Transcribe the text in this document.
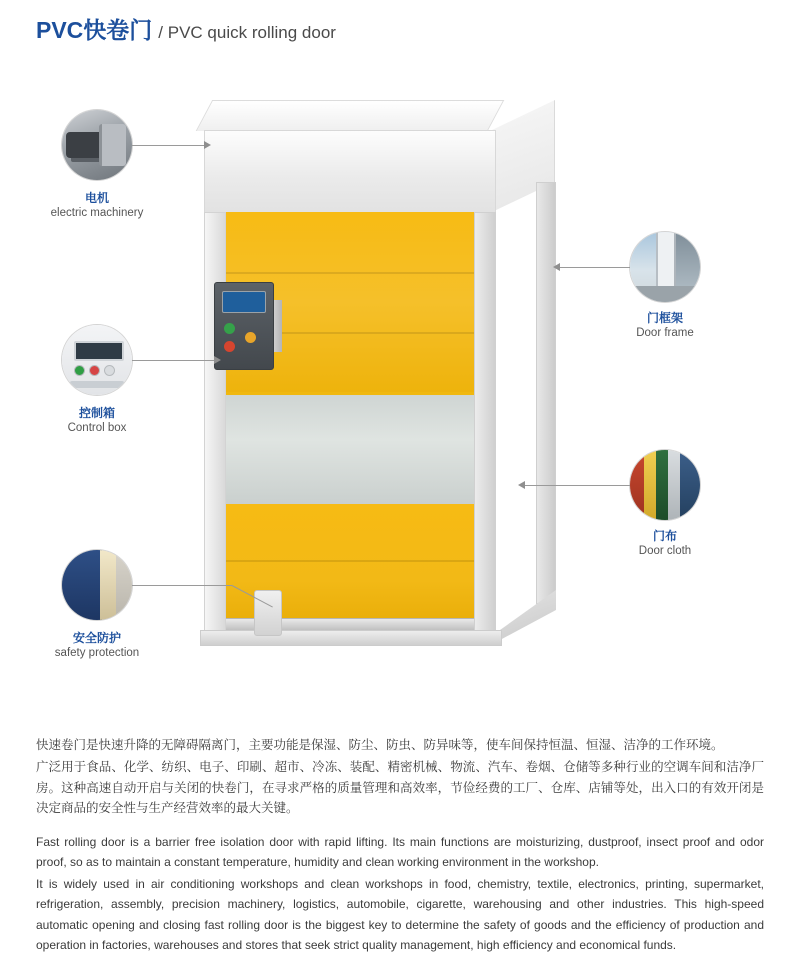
PVC快卷门 / PVC quick rolling door
电机
electric machinery
控制箱
Control box
安全防护
safety protection
门框架
Door frame
门布
Door cloth

快速卷门是快速升降的无障碍隔离门，主要功能是保湿、防尘、防虫、防异味等，使车间保持恒温、恒湿、洁净的工作环境。

广泛用于食品、化学、纺织、电子、印刷、超市、冷冻、装配、精密机械、物流、汽车、卷烟、仓储等多种行业的空调车间和洁净厂房。这种高速自动开启与关闭的快卷门，在寻求严格的质量管理和高效率，节俭经费的工厂、仓库、店铺等处，出入口的有效开闭是决定商品的安全性与生产经营效率的最大关键。

Fast rolling door is a barrier free isolation door with rapid lifting. Its main functions are moisturizing, dustproof, insect proof and odor proof, so as to maintain a constant temperature, humidity and clean working environment in the workshop.

It is widely used in air conditioning workshops and clean workshops in food, chemistry, textile, electronics, printing, supermarket, refrigeration, assembly, precision machinery, logistics, automobile, cigarette, warehousing and other industries. This high-speed automatic opening and closing fast rolling door is the biggest key to determine the safety of goods and the efficiency of production and operation in factories, warehouses and stores that seek strict quality management, high efficiency and economical funds.
